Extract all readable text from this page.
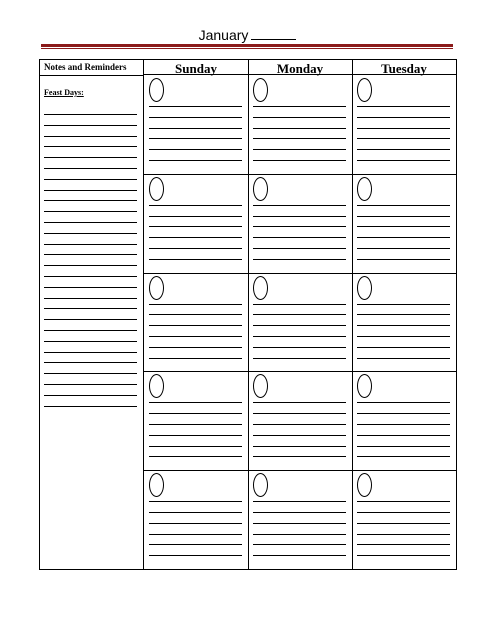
January
Notes and Reminders
Feast Days:
Sunday	Monday	Tuesday
